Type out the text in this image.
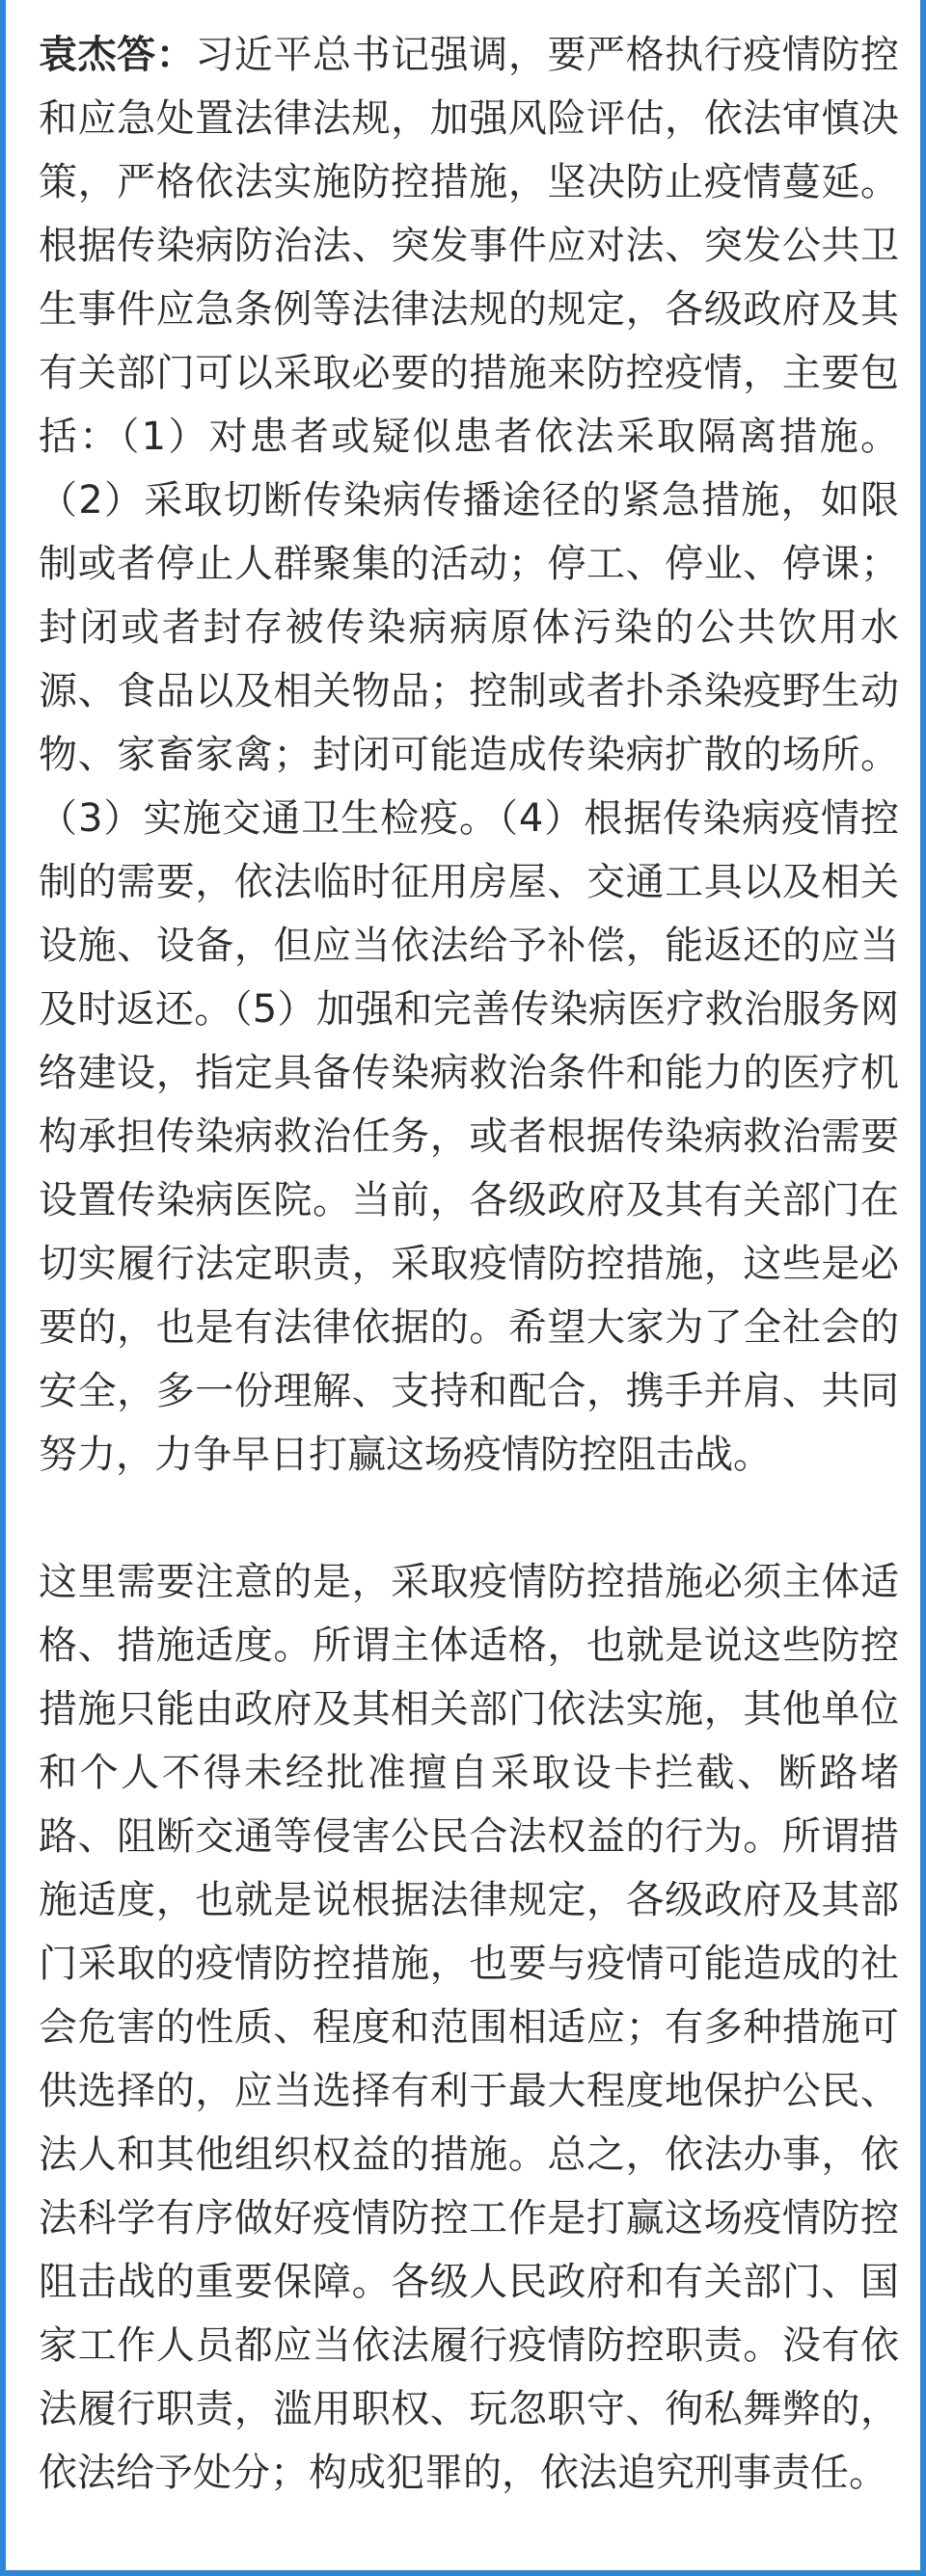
袁杰答：习近平总书记强调，要严格执行疫情防控和应急处置法律法规，加强风险评估，依法审慎决策，严格依法实施防控措施，坚决防止疫情蔓延。根据传染病防治法、突发事件应对法、突发公共卫生事件应急条例等法律法规的规定，各级政府及其有关部门可以采取必要的措施来防控疫情，主要包括：（1）对患者或疑似患者依法采取隔离措施。（2）采取切断传染病传播途径的紧急措施，如限制或者停止人群聚集的活动；停工、停业、停课；封闭或者封存被传染病病原体污染的公共饮用水源、食品以及相关物品；控制或者扑杀染疫野生动物、家畜家禽；封闭可能造成传染病扩散的场所。（3）实施交通卫生检疫。（4）根据传染病疫情控制的需要，依法临时征用房屋、交通工具以及相关设施、设备，但应当依法给予补偿，能返还的应当及时返还。（5）加强和完善传染病医疗救治服务网络建设，指定具备传染病救治条件和能力的医疗机构承担传染病救治任务，或者根据传染病救治需要设置传染病医院。当前，各级政府及其有关部门在切实履行法定职责，采取疫情防控措施，这些是必要的，也是有法律依据的。希望大家为了全社会的安全，多一份理解、支持和配合，携手并肩、共同努力，力争早日打赢这场疫情防控阻击战。

这里需要注意的是，采取疫情防控措施必须主体适格、措施适度。所谓主体适格，也就是说这些防控措施只能由政府及其相关部门依法实施，其他单位和个人不得未经批准擅自采取设卡拦截、断路堵路、阻断交通等侵害公民合法权益的行为。所谓措施适度，也就是说根据法律规定，各级政府及其部门采取的疫情防控措施，也要与疫情可能造成的社会危害的性质、程度和范围相适应；有多种措施可供选择的，应当选择有利于最大程度地保护公民、法人和其他组织权益的措施。总之，依法办事，依法科学有序做好疫情防控工作是打赢这场疫情防控阻击战的重要保障。各级人民政府和有关部门、国家工作人员都应当依法履行疫情防控职责。没有依法履行职责，滥用职权、玩忽职守、徇私舞弊的，依法给予处分；构成犯罪的，依法追究刑事责任。
